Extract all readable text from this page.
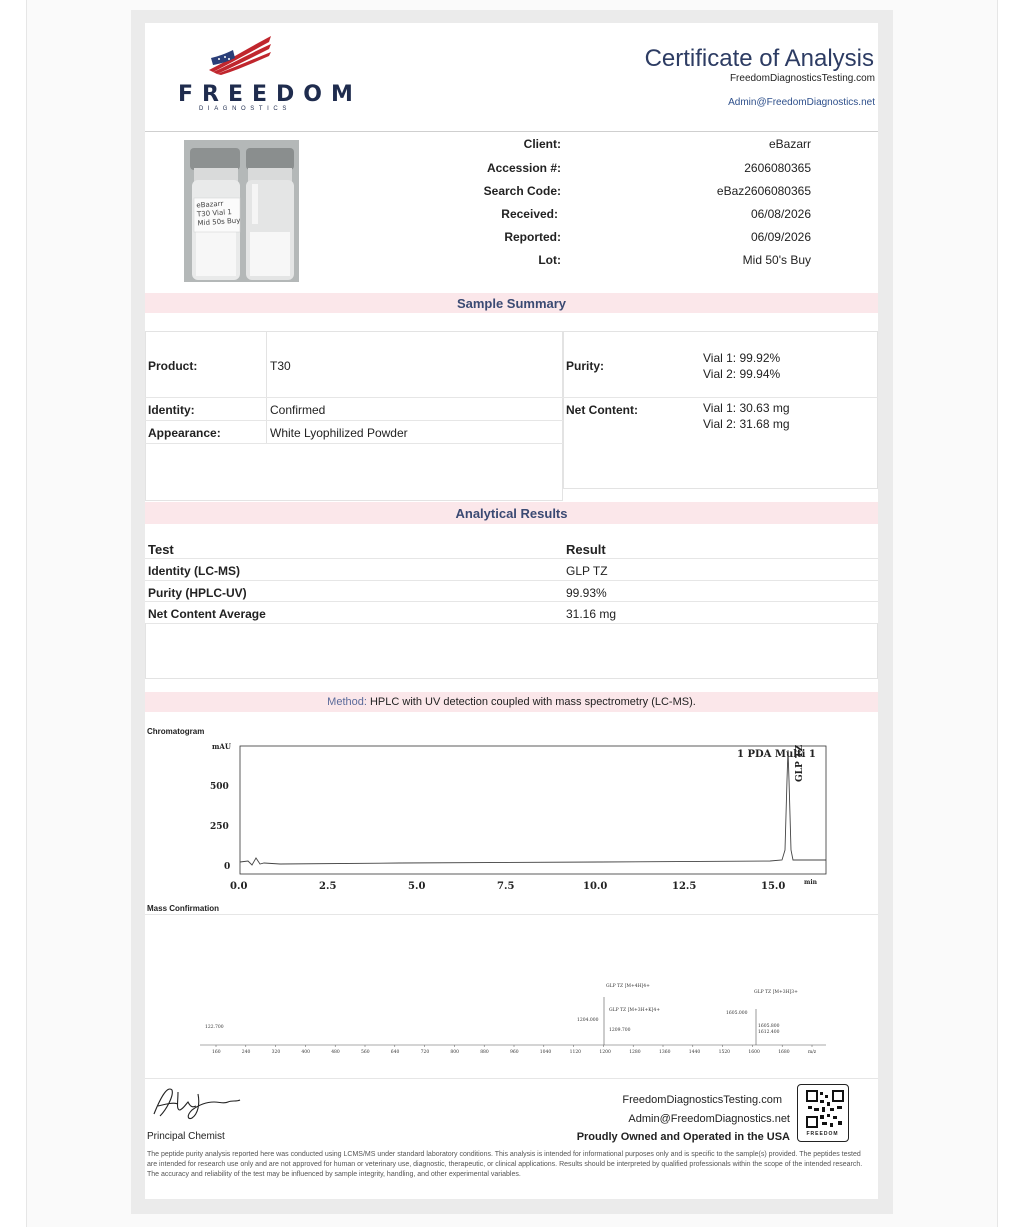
FREEDOM
DIAGNOSTICS
Certificate of Analysis
FreedomDiagnosticsTesting.com
Admin@FreedomDiagnostics.net
eBazarr
T30 Vial 1
Mid 50s Buy
Client:	eBazarr
Accession #:	2606080365
Search Code:	eBaz2606080365
Received:	06/08/2026
Reported:	06/09/2026
Lot:	Mid 50's Buy
Sample Summary
Product:	T30
Identity:	Confirmed
Appearance:	White Lyophilized Powder
Purity:
Vial 1: 99.92%
Vial 2: 99.94%
Net Content:	Vial 1: 30.63 mg
Vial 2: 31.68 mg
Analytical Results
Test	Result
Identity (LC-MS)	GLP TZ
Purity (HPLC-UV)	99.93%
Net Content Average	31.16 mg
Method: HPLC with UV detection coupled with mass spectrometry (LC-MS).
Chromatogram
mAU
500
250
0
0.0	2.5	5.0	7.5	10.0	12.5	15.0	min
1 PDA Multi 1
GLP TZ
Mass Confirmation
122.700
GLP TZ [M+4H]4+
GLP TZ [M+3H+K]4+
1204.000
1209.700
GLP TZ [M+3H]3+
1605.000
1605.800
1612.400
160	240	320	400	480	560	640	720	800	880	960	1040	1120	1200	1280	1360	1440	1520	1600	1680	m/z
Principal Chemist
FreedomDiagnosticsTesting.com
Admin@FreedomDiagnostics.net
Proudly Owned and Operated in the USA	FREEDOM
The peptide purity analysis reported here was conducted using LCMS/MS under standard laboratory conditions. This analysis is intended for informational purposes only and is specific to the sample(s) provided. The peptides tested are intended for research use only and are not approved for human or veterinary use, diagnostic, therapeutic, or clinical applications. Results should be interpreted by qualified professionals within the scope of the intended research. The accuracy and reliability of the test may be influenced by sample integrity, handling, and other experimental variables.
